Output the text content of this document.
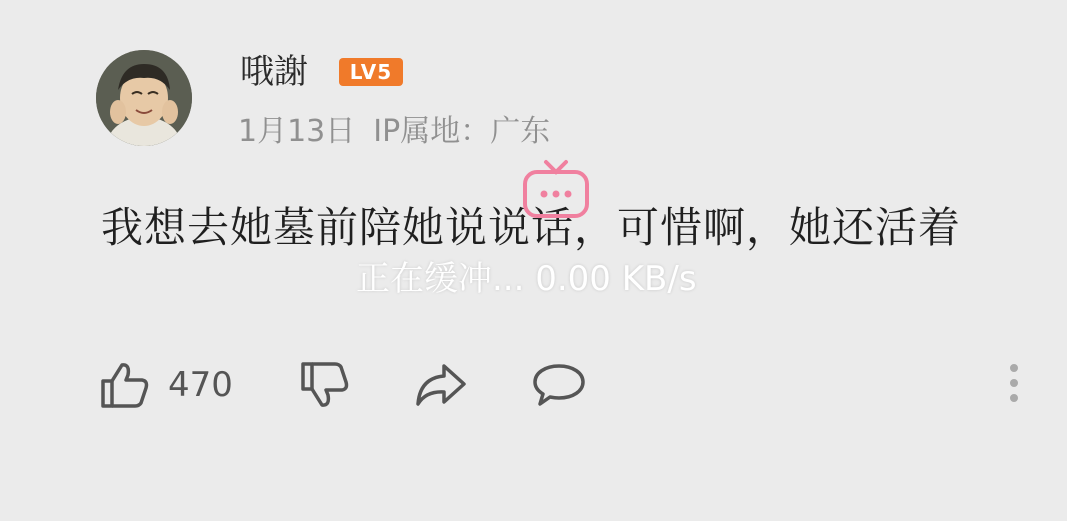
哦謝	LV5
1月13日 IP属地：广东
我想去她墓前陪她说说话，可惜啊，她还活着
正在缓冲... 0.00 KB/s
470
